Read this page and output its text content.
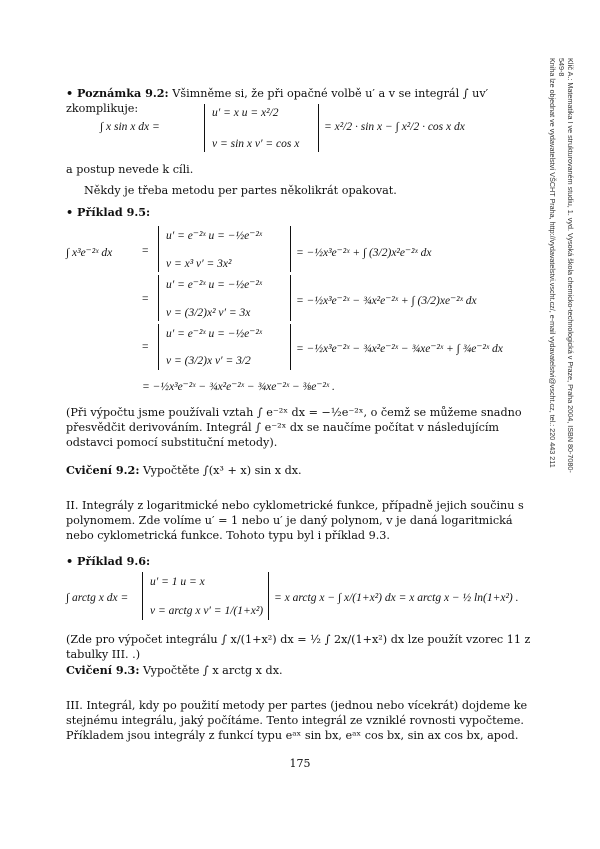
Klíč A.: Matematika I ve strukturovaném studiu, 1. vyd. Vysoká škola chemicko-technologická v Praze, Praha 2004, ISBN 80-7080-549-8
Kniha lze objednat ve vydavatelství VŠCHT Praha, http://vydavatelstvi.vscht.cz/, e-mail vydavatelstvi@vscht.cz, tel.: 220 443 211
• Poznámka 9.2: Všimněme si, že při opačné volbě u′ a v se integrál ∫ uv′ zkomplikuje:
∫ x sin x dx =
u′ = x u = x²/2
v = sin x v′ = cos x
= x²/2 · sin x − ∫ x²/2 · cos x dx
a postup nevede k cíli.
Někdy je třeba metodu per partes několikrát opakovat.
• Příklad 9.5:
∫ x³e⁻²ˣ dx	=
u′ = e⁻²ˣ u = −½e⁻²ˣ
v = x³ v′ = 3x²
= −½x³e⁻²ˣ + ∫ (3/2)x²e⁻²ˣ dx
=
u′ = e⁻²ˣ u = −½e⁻²ˣ
v = (3/2)x² v′ = 3x
= −½x³e⁻²ˣ − ¾x²e⁻²ˣ + ∫ (3/2)xe⁻²ˣ dx
=
u′ = e⁻²ˣ u = −½e⁻²ˣ
v = (3/2)x v′ = 3/2
= −½x³e⁻²ˣ − ¾x²e⁻²ˣ − ¾xe⁻²ˣ + ∫ ¾e⁻²ˣ dx
= −½x³e⁻²ˣ − ¾x²e⁻²ˣ − ¾xe⁻²ˣ − ⅜e⁻²ˣ .
(Při výpočtu jsme používali vztah ∫ e⁻²ˣ dx = −½e⁻²ˣ, o čemž se můžeme snadno přesvědčit derivováním. Integrál ∫ e⁻²ˣ dx se naučíme počítat v následujícím odstavci pomocí substituční metody).
Cvičení 9.2: Vypočtěte ∫(x³ + x) sin x dx.
II. Integrály z logaritmické nebo cyklometrické funkce, případně jejich součinu s polynomem. Zde volíme u′ = 1 nebo u′ je daný polynom, v je daná logaritmická nebo cyklometrická funkce. Tohoto typu byl i příklad 9.3.
• Příklad 9.6:
∫ arctg x dx =
u′ = 1 u = x
v = arctg x v′ = 1/(1+x²)
= x arctg x − ∫ x/(1+x²) dx = x arctg x − ½ ln(1+x²) .
(Zde pro výpočet integrálu ∫ x/(1+x²) dx = ½ ∫ 2x/(1+x²) dx lze použít vzorec 11 z tabulky III. .)
Cvičení 9.3: Vypočtěte ∫ x arctg x dx.
III. Integrál, kdy po použití metody per partes (jednou nebo vícekrát) dojdeme ke stejnému integrálu, jaký počítáme. Tento integrál ze vzniklé rovnosti vypočteme. Příkladem jsou integrály z funkcí typu eᵃˣ sin bx, eᵃˣ cos bx, sin ax cos bx, apod.
175
